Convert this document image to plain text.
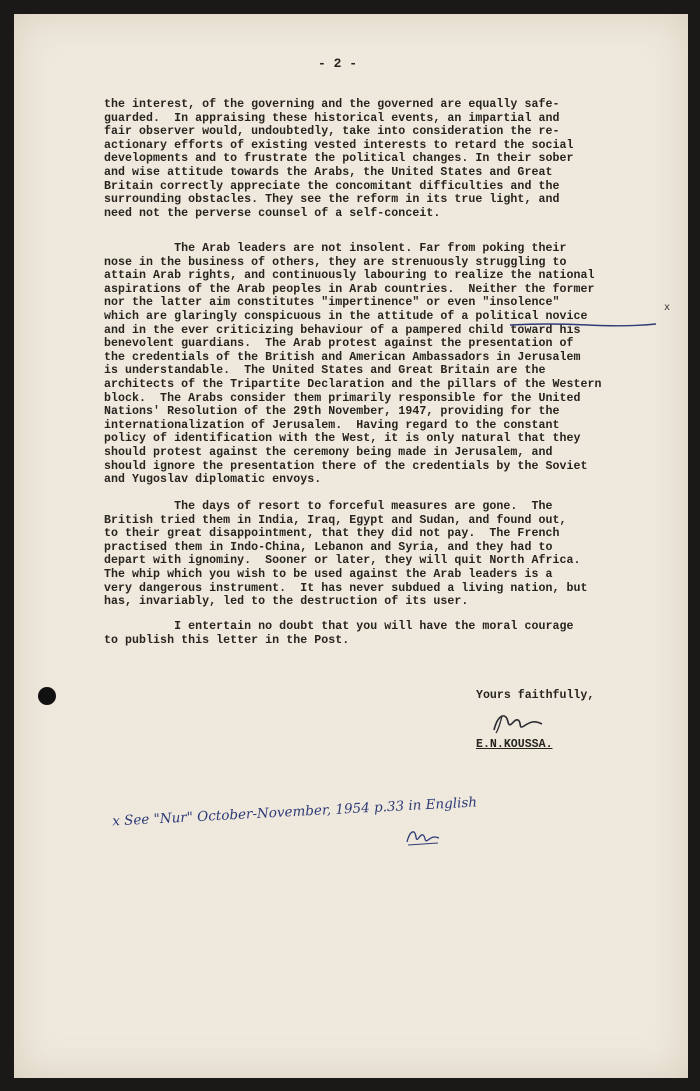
- 2 -
the interest, of the governing and the governed are equally safe-
guarded.  In appraising these historical events, an impartial and
fair observer would, undoubtedly, take into consideration the re-
actionary efforts of existing vested interests to retard the social
developments and to frustrate the political changes. In their sober
and wise attitude towards the Arabs, the United States and Great
Britain correctly appreciate the concomitant difficulties and the
surrounding obstacles. They see the reform in its true light, and
need not the perverse counsel of a self-conceit.
The Arab leaders are not insolent. Far from poking their
nose in the business of others, they are strenuously struggling to
attain Arab rights, and continuously labouring to realize the national
aspirations of the Arab peoples in Arab countries.  Neither the former
nor the latter aim constitutes "impertinence" or even "insolence"
which are glaringly conspicuous in the attitude of a political novice
and in the ever criticizing behaviour of a pampered child toward his
benevolent guardians.  The Arab protest against the presentation of
the credentials of the British and American Ambassadors in Jerusalem
is understandable.  The United States and Great Britain are the
architects of the Tripartite Declaration and the pillars of the Western
block.  The Arabs consider them primarily responsible for the United
Nations' Resolution of the 29th November, 1947, providing for the
internationalization of Jerusalem.  Having regard to the constant
policy of identification with the West, it is only natural that they
should protest against the ceremony being made in Jerusalem, and
should ignore the presentation there of the credentials by the Soviet
and Yugoslav diplomatic envoys.
The days of resort to forceful measures are gone.  The
British tried them in India, Iraq, Egypt and Sudan, and found out,
to their great disappointment, that they did not pay.  The French
practised them in Indo-China, Lebanon and Syria, and they had to
depart with ignominy.  Sooner or later, they will quit North Africa.
The whip which you wish to be used against the Arab leaders is a
very dangerous instrument.  It has never subdued a living nation, but
has, invariably, led to the destruction of its user.
I entertain no doubt that you will have the moral courage
to publish this letter in the Post.
x
Yours faithfully,
E.N.KOUSSA.
x See "Nur" October-November, 1954 p.33 in English
